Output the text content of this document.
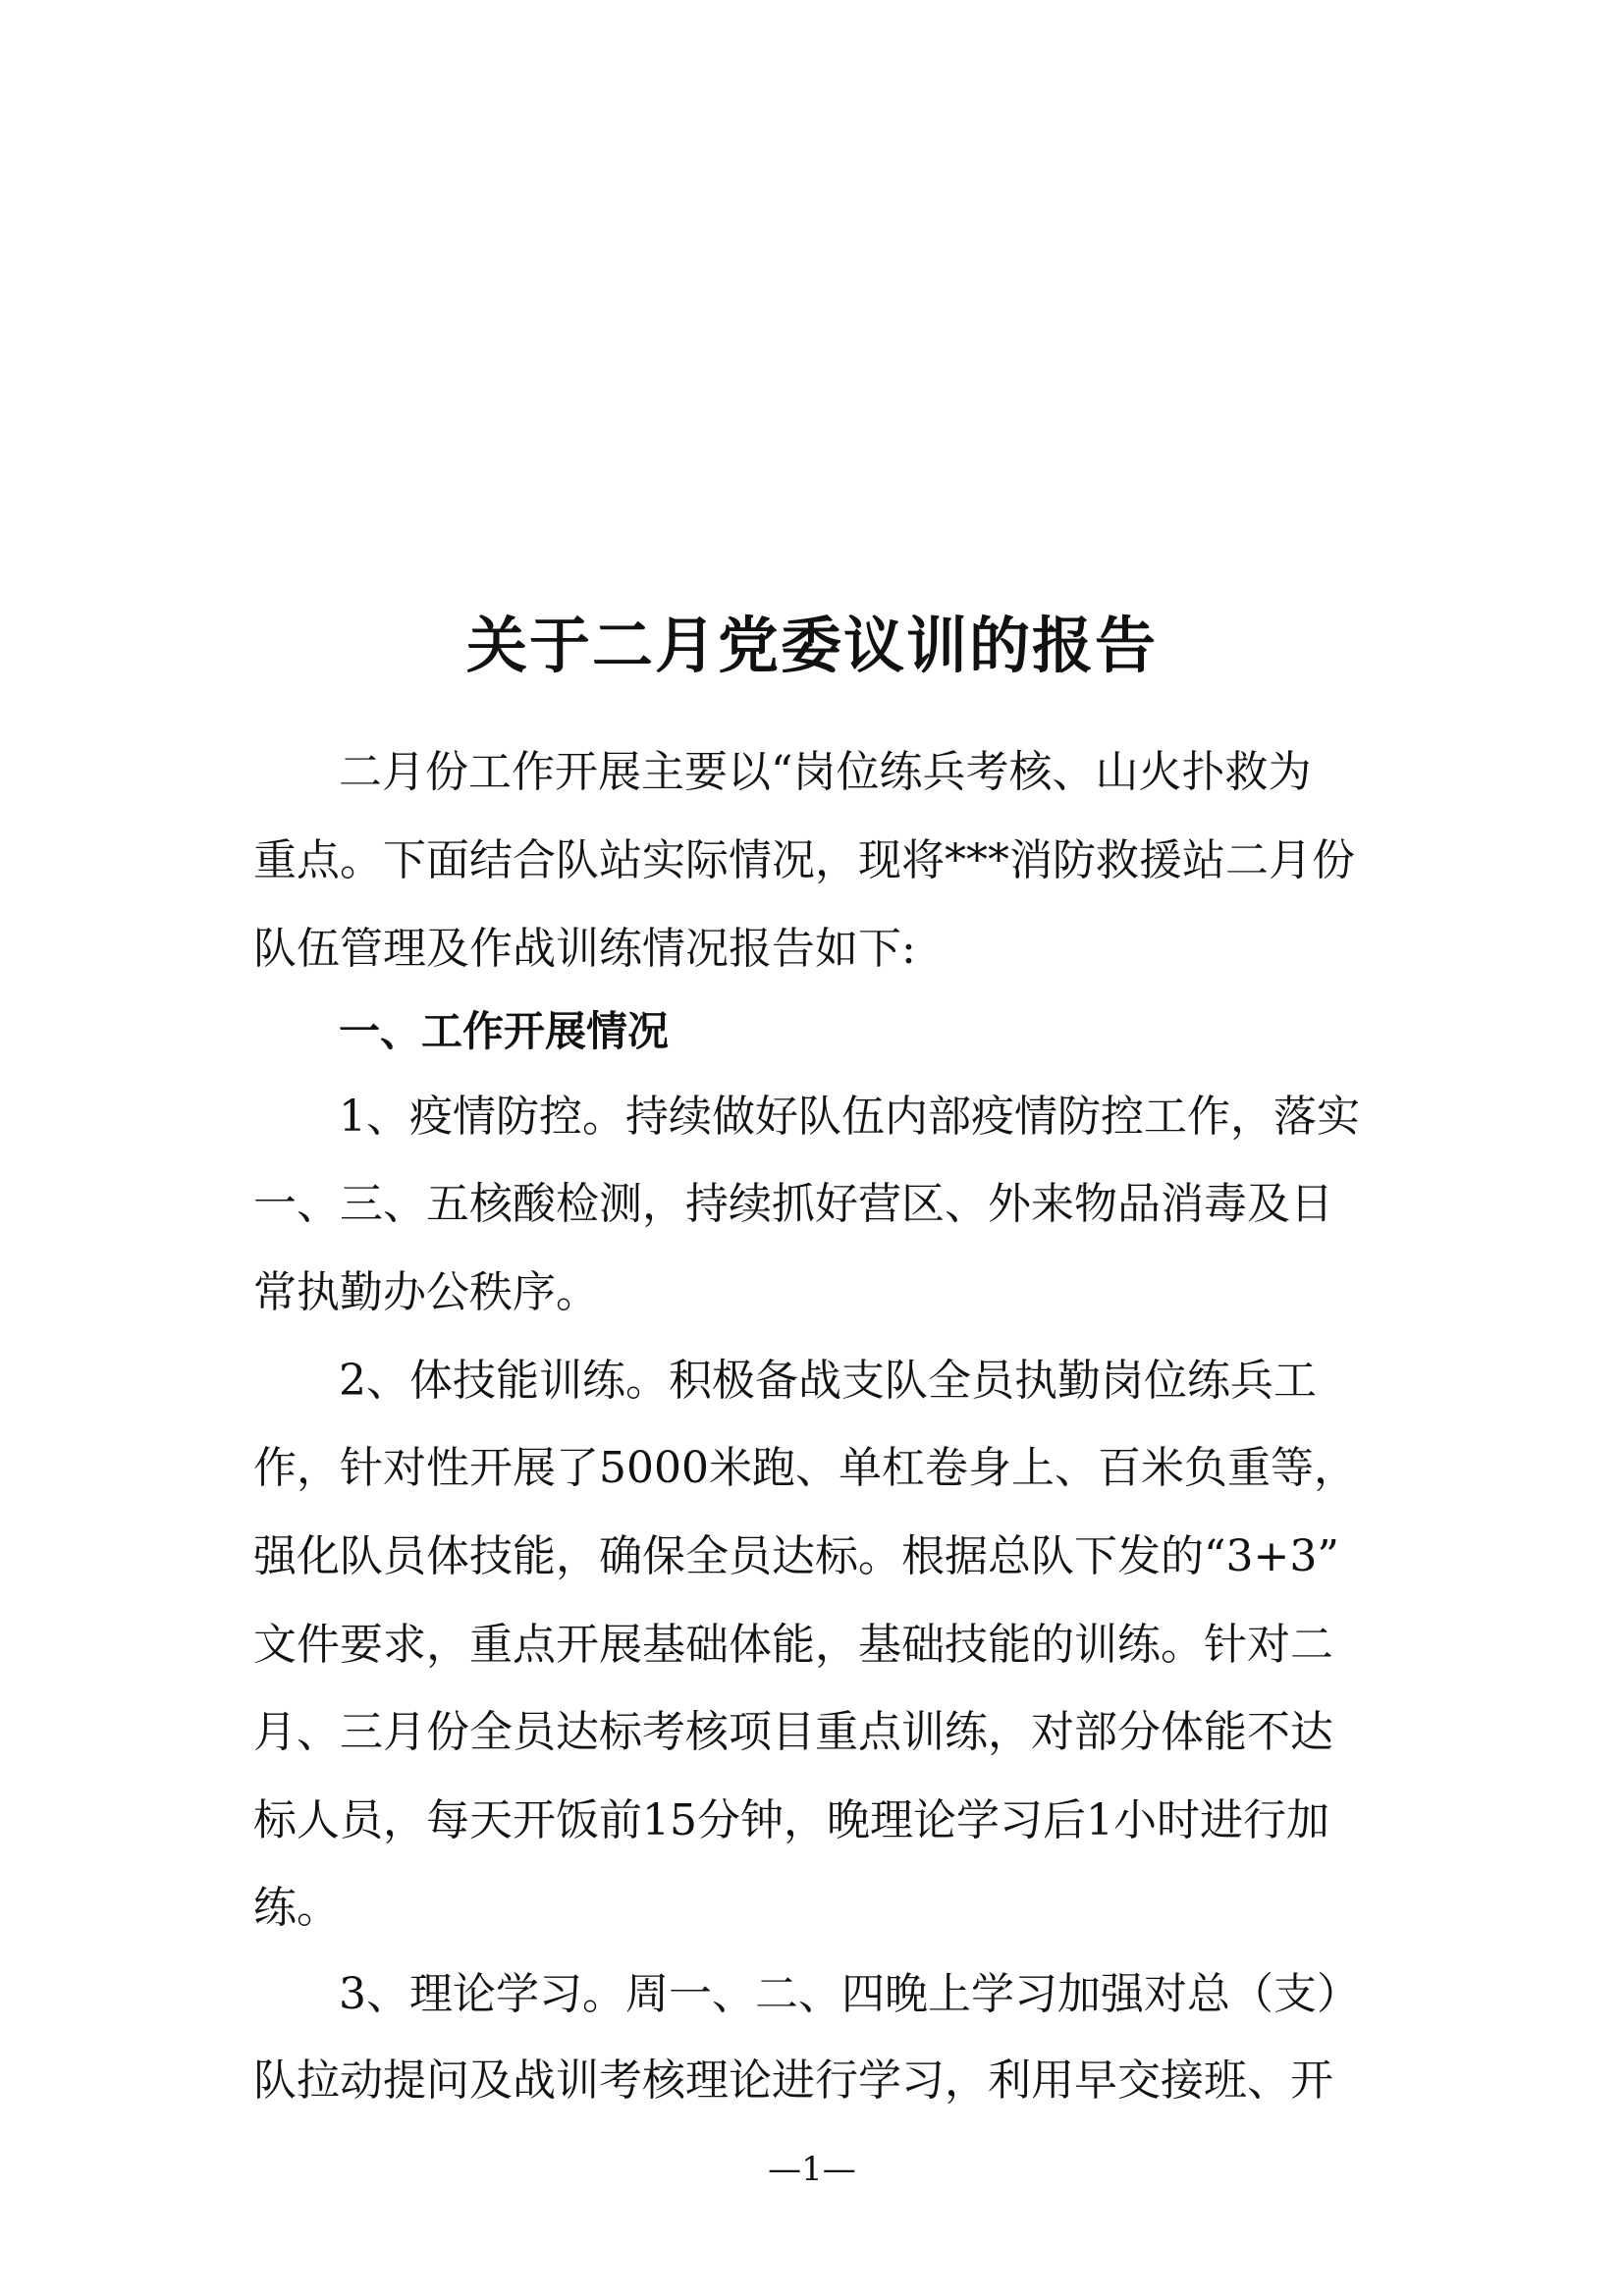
关于二月党委议训的报告
二月份工作开展主要以“岗位练兵考核、山火扑救为
重点。下面结合队站实际情况，现将***消防救援站二月份
队伍管理及作战训练情况报告如下:
一、工作开展情况
1、疫情防控。持续做好队伍内部疫情防控工作，落实
一、三、五核酸检测，持续抓好营区、外来物品消毒及日
常执勤办公秩序。
2、体技能训练。积极备战支队全员执勤岗位练兵工
作，针对性开展了5000米跑、单杠卷身上、百米负重等，
强化队员体技能，确保全员达标。根据总队下发的“3+3”
文件要求，重点开展基础体能，基础技能的训练。针对二
月、三月份全员达标考核项目重点训练，对部分体能不达
标人员，每天开饭前15分钟，晚理论学习后1小时进行加
练。
3、理论学习。周一、二、四晚上学习加强对总（支）
队拉动提问及战训考核理论进行学习，利用早交接班、开
—1—
